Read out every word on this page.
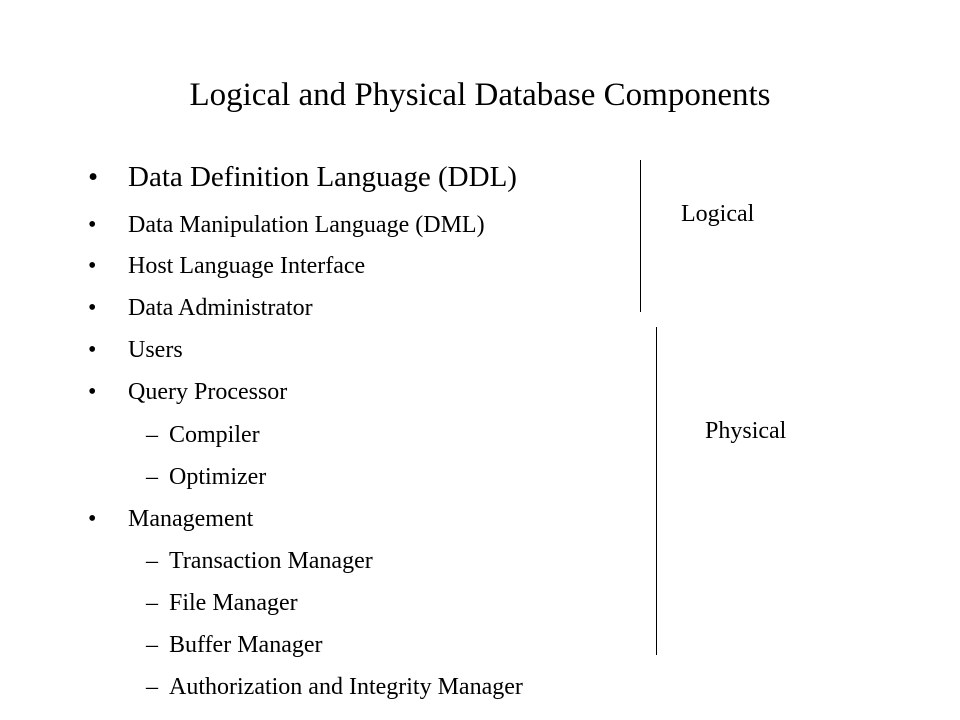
Logical and Physical Database Components
• Data Definition Language (DDL)
• Data Manipulation Language (DML)
• Host Language Interface
• Data Administrator
• Users
• Query Processor
– Compiler
– Optimizer
• Management
– Transaction Manager
– File Manager
– Buffer Manager
– Authorization and Integrity Manager
Logical
Physical
